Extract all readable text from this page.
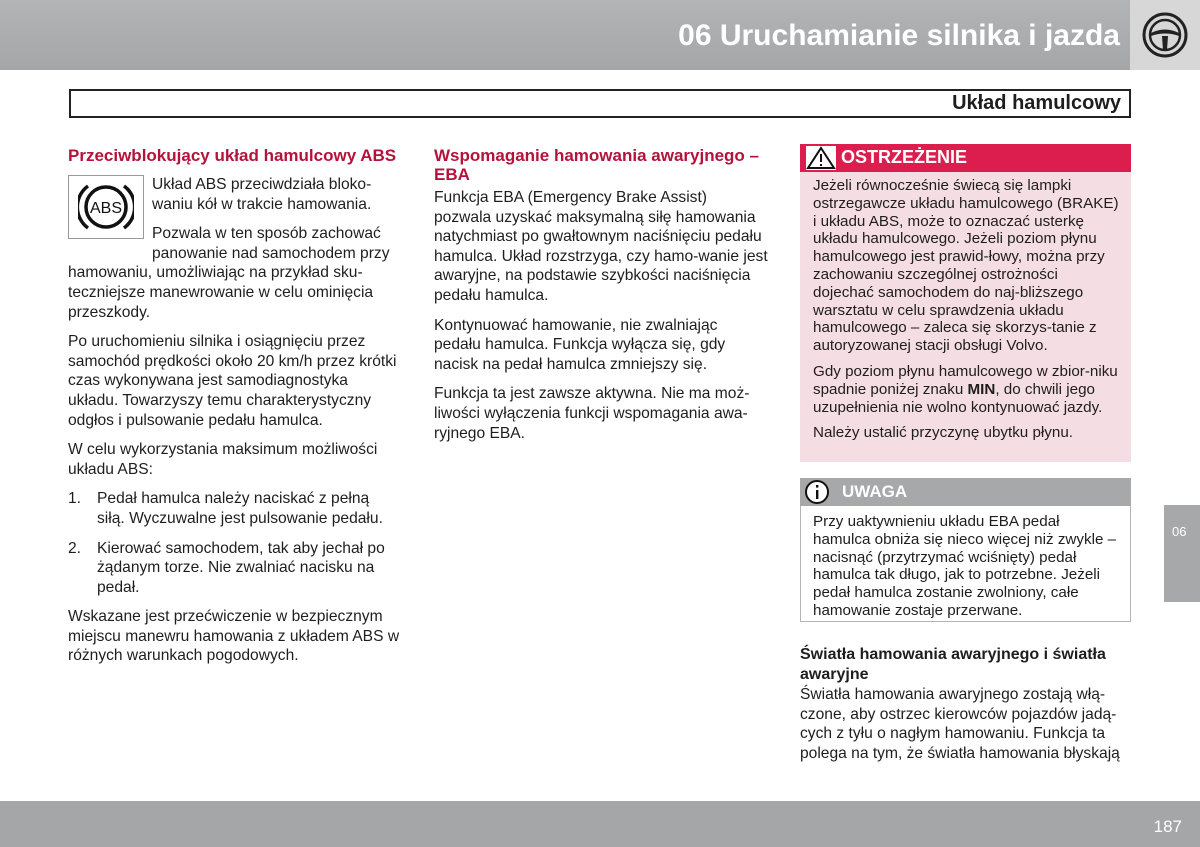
06 Uruchamianie silnika i jazda
Układ hamulcowy
Przeciwblokujący układ hamulcowy ABS
ABS

Układ ABS przeciwdziała bloko-waniu kół w trakcie hamowania.

Pozwala w ten sposób zachować panowanie nad samochodem przy hamowaniu, umożliwiając na przykład sku-teczniejsze manewrowanie w celu ominięcia przeszkody.

Po uruchomieniu silnika i osiągnięciu przez samochód prędkości około 20 km/h przez krótki czas wykonywana jest samodiagnostyka układu. Towarzyszy temu charakterystyczny odgłos i pulsowanie pedału hamulca.

W celu wykorzystania maksimum możliwości układu ABS:

1.	Pedał hamulca należy naciskać z pełną siłą. Wyczuwalne jest pulsowanie pedału.
2.	Kierować samochodem, tak aby jechał po żądanym torze. Nie zwalniać nacisku na pedał.

Wskazane jest przećwiczenie w bezpiecznym miejscu manewru hamowania z układem ABS w różnych warunkach pogodowych.

Wspomaganie hamowania awaryjnego – EBA

Funkcja EBA (Emergency Brake Assist) pozwala uzyskać maksymalną siłę hamowania natychmiast po gwałtownym naciśnięciu pedału hamulca. Układ rozstrzyga, czy hamo-wanie jest awaryjne, na podstawie szybkości naciśnięcia pedału hamulca.

Kontynuować hamowanie, nie zwalniając pedału hamulca. Funkcja wyłącza się, gdy nacisk na pedał hamulca zmniejszy się.

Funkcja ta jest zawsze aktywna. Nie ma moż-liwości wyłączenia funkcji wspomagania awa-ryjnego EBA.

OSTRZEŻENIE

Jeżeli równocześnie świecą się lampki ostrzegawcze układu hamulcowego (BRAKE) i układu ABS, może to oznaczać usterkę układu hamulcowego. Jeżeli poziom płynu hamulcowego jest prawid-łowy, można przy zachowaniu szczególnej ostrożności dojechać samochodem do naj-bliższego warsztatu w celu sprawdzenia układu hamulcowego – zaleca się skorzys-tanie z autoryzowanej stacji obsługi Volvo.

Gdy poziom płynu hamulcowego w zbior-niku spadnie poniżej znaku MIN, do chwili jego uzupełnienia nie wolno kontynuować jazdy.

Należy ustalić przyczynę ubytku płynu.

UWAGA
Przy uaktywnieniu układu EBA pedał hamulca obniża się nieco więcej niż zwykle – nacisnąć (przytrzymać wciśnięty) pedał hamulca tak długo, jak to potrzebne. Jeżeli pedał hamulca zostanie zwolniony, całe hamowanie zostaje przerwane.
Światła hamowania awaryjnego i światła awaryjne
Światła hamowania awaryjnego zostają włą-czone, aby ostrzec kierowców pojazdów jadą-cych z tyłu o nagłym hamowaniu. Funkcja ta polega na tym, że światła hamowania błyskają
06
187
